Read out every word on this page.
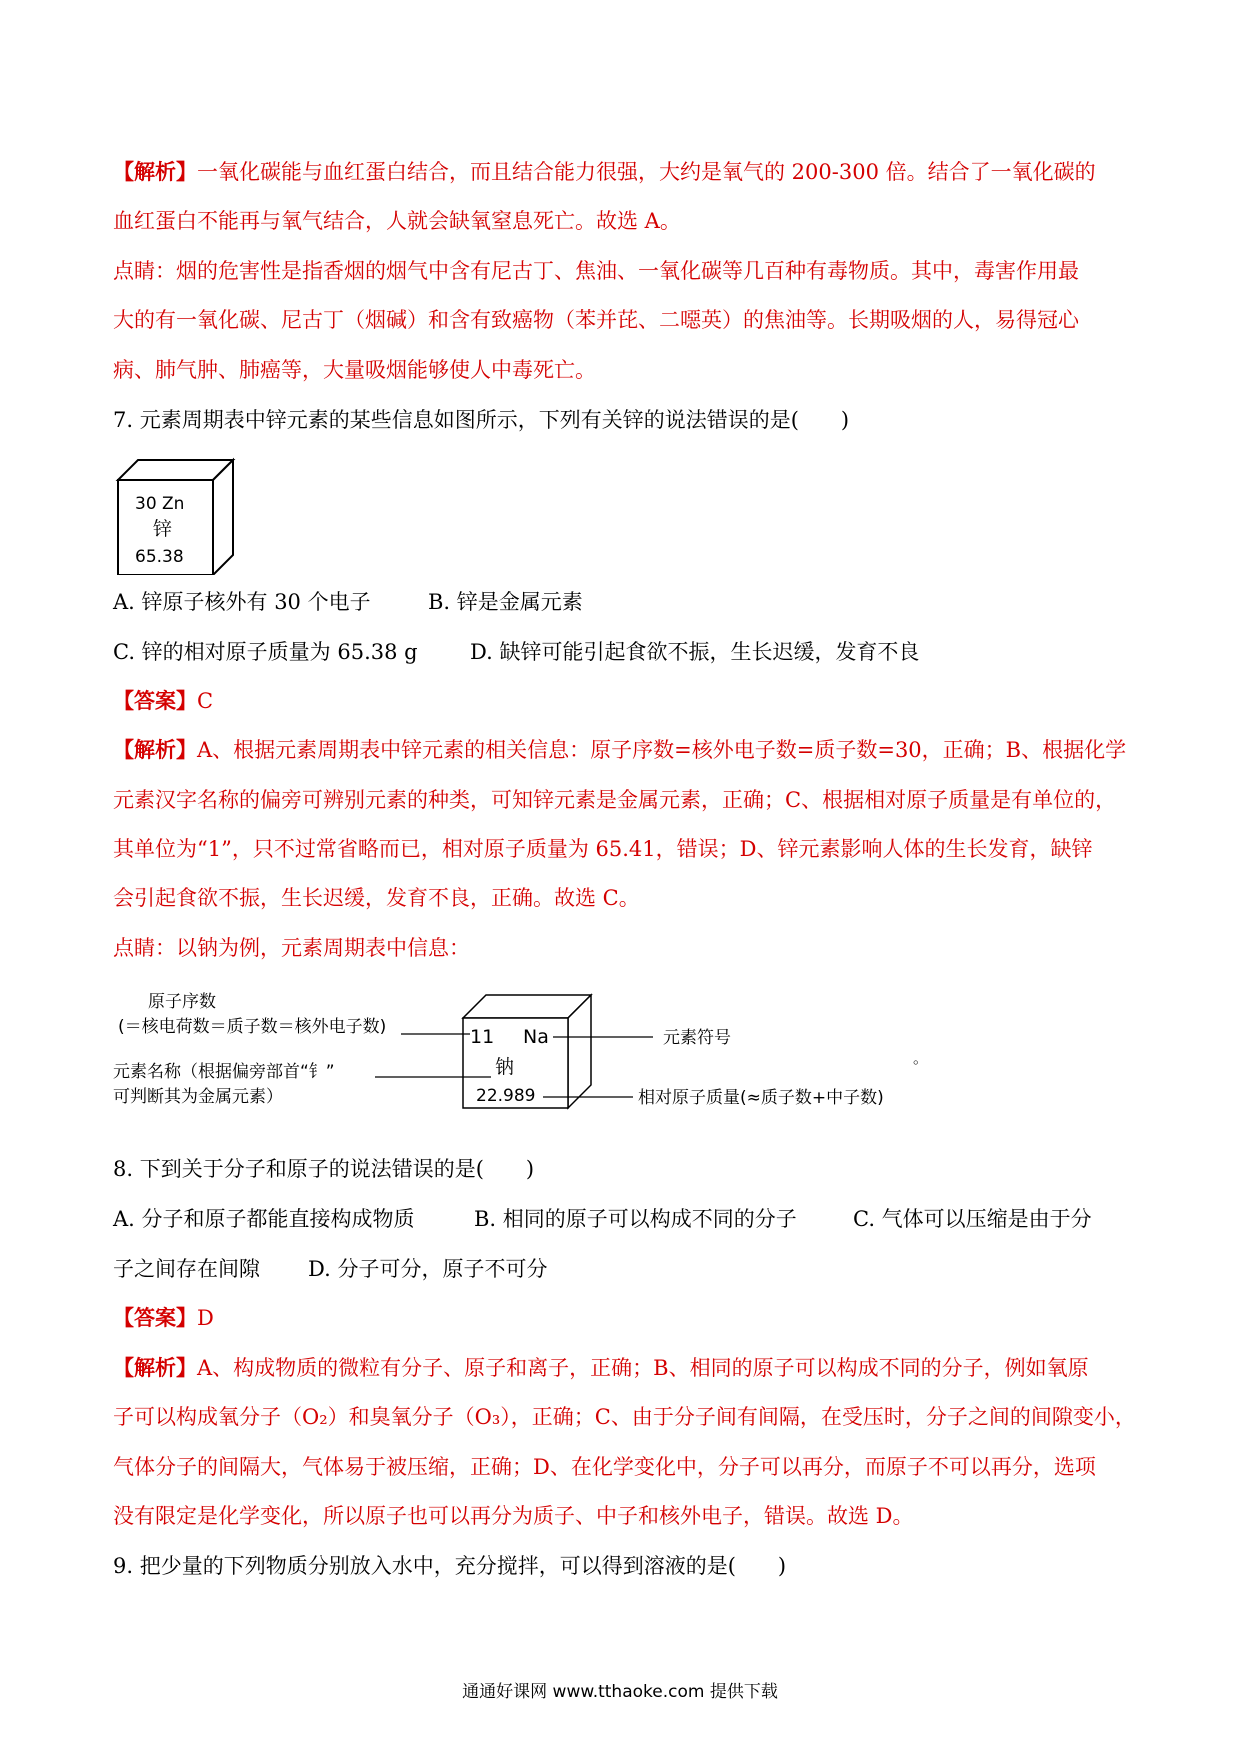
【解析】一氧化碳能与血红蛋白结合，而且结合能力很强，大约是氧气的 200-300 倍。结合了一氧化碳的
血红蛋白不能再与氧气结合，人就会缺氧窒息死亡。故选 A。
点睛：烟的危害性是指香烟的烟气中含有尼古丁、焦油、一氧化碳等几百种有毒物质。其中，毒害作用最
大的有一氧化碳、尼古丁（烟碱）和含有致癌物（苯并芘、二噁英）的焦油等。长期吸烟的人，易得冠心
病、肺气肿、肺癌等，大量吸烟能够使人中毒死亡。
7. 元素周期表中锌元素的某些信息如图所示，下列有关锌的说法错误的是(　　)
30 Zn
锌
65.38
A. 锌原子核外有 30 个电子	B. 锌是金属元素
C. 锌的相对原子质量为 65.38 g D. 缺锌可能引起食欲不振，生长迟缓，发育不良
【答案】C
【解析】A、根据元素周期表中锌元素的相关信息：原子序数=核外电子数=质子数=30，正确；B、根据化学
元素汉字名称的偏旁可辨别元素的种类，可知锌元素是金属元素，正确；C、根据相对原子质量是有单位的，
其单位为“1”，只不过常省略而已，相对原子质量为 65.41，错误；D、锌元素影响人体的生长发育，缺锌
会引起食欲不振，生长迟缓，发育不良，正确。故选 C。
点睛：以钠为例，元素周期表中信息：
原子序数
(＝核电荷数＝质子数＝核外电子数)
元素名称（根据偏旁部首“钅”
可判断其为金属元素）
11 Na
钠
22.989
元素符号
相对原子质量(≈质子数+中子数)
。
8. 下到关于分子和原子的说法错误的是(　　)
A. 分子和原子都能直接构成物质	B. 相同的原子可以构成不同的分子	C. 气体可以压缩是由于分
子之间存在间隙 D. 分子可分，原子不可分
【答案】D
【解析】A、构成物质的微粒有分子、原子和离子，正确；B、相同的原子可以构成不同的分子，例如氧原
子可以构成氧分子（O₂）和臭氧分子（O₃），正确；C、由于分子间有间隔，在受压时，分子之间的间隙变小，
气体分子的间隔大，气体易于被压缩，正确；D、在化学变化中，分子可以再分，而原子不可以再分，选项
没有限定是化学变化，所以原子也可以再分为质子、中子和核外电子，错误。故选 D。
9. 把少量的下列物质分别放入水中，充分搅拌，可以得到溶液的是(　　)
通通好课网 www.tthaoke.com 提供下载
